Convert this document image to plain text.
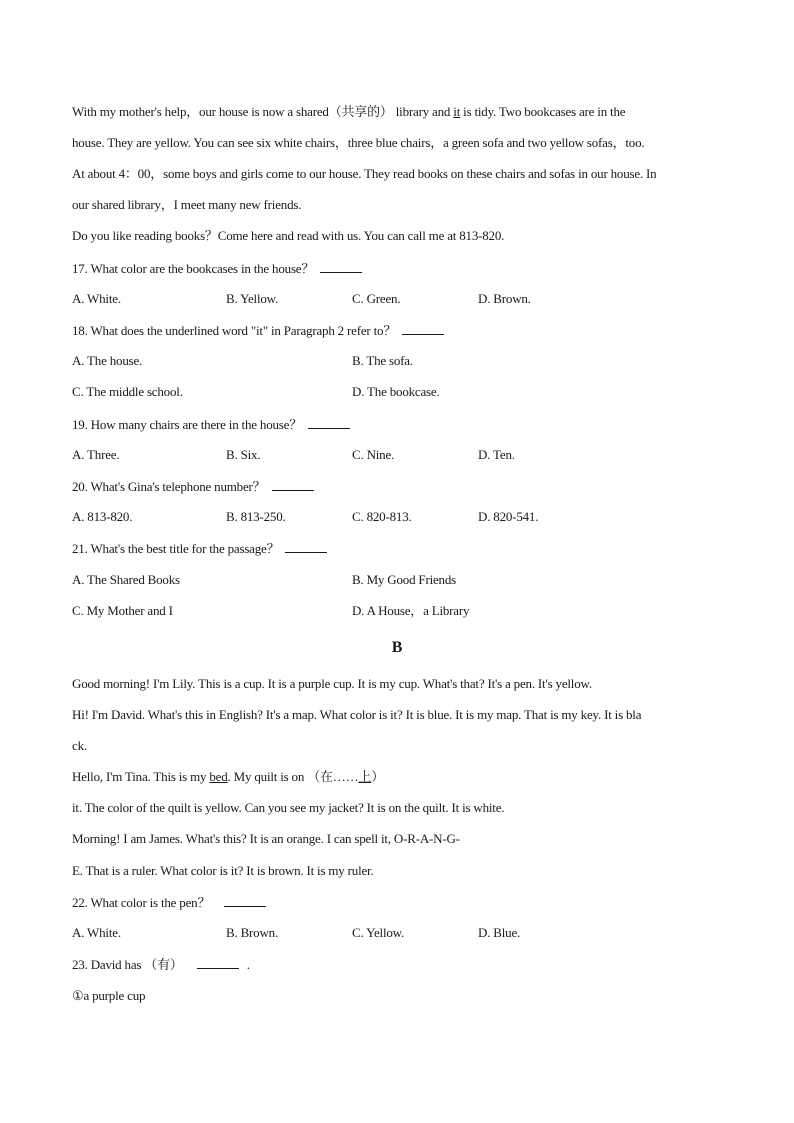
With my mother's help，our house is now a shared（共享的） library and it is tidy. Two bookcases are in the
house. They are yellow. You can see six white chairs，three blue chairs，a green sofa and two yellow sofas，too.
At about 4：00，some boys and girls come to our house. They read books on these chairs and sofas in our house. In
our shared library，I meet many new friends.
Do you like reading books？Come here and read with us. You can call me at 813-820.
17. What color are the bookcases in the house？
A. White.	B. Yellow.	C. Green.	D. Brown.
18. What does the underlined word "it" in Paragraph 2 refer to？
A. The house.	B. The sofa.
C. The middle school.	D. The bookcase.
19. How many chairs are there in the house？
A. Three.	B. Six.	C. Nine.	D. Ten.
20. What's Gina's telephone number？
A. 813-820.	B. 813-250.	C. 820-813.	D. 820-541.
21. What's the best title for the passage？
A. The Shared Books	B. My Good Friends
C. My Mother and I	D. A House，a Library
B
Good morning! I'm Lily. This is a cup. It is a purple cup. It is my cup. What's that? It's a pen. It's yellow.
Hi! I'm David. What's this in English? It's a map. What color is it? It is blue. It is my map. That is my key. It is bla
ck.
Hello, I'm Tina. This is my bed. My quilt is on （在……上）
it. The color of the quilt is yellow. Can you see my jacket? It is on the quilt. It is white.
Morning! I am James. What's this? It is an orange. I can spell it, O-R-A-N-G-
E. That is a ruler. What color is it? It is brown. It is my ruler.
22. What color is the pen？
A. White.	B. Brown.	C. Yellow.	D. Blue.
23. David has （有）	.
①a purple cup
